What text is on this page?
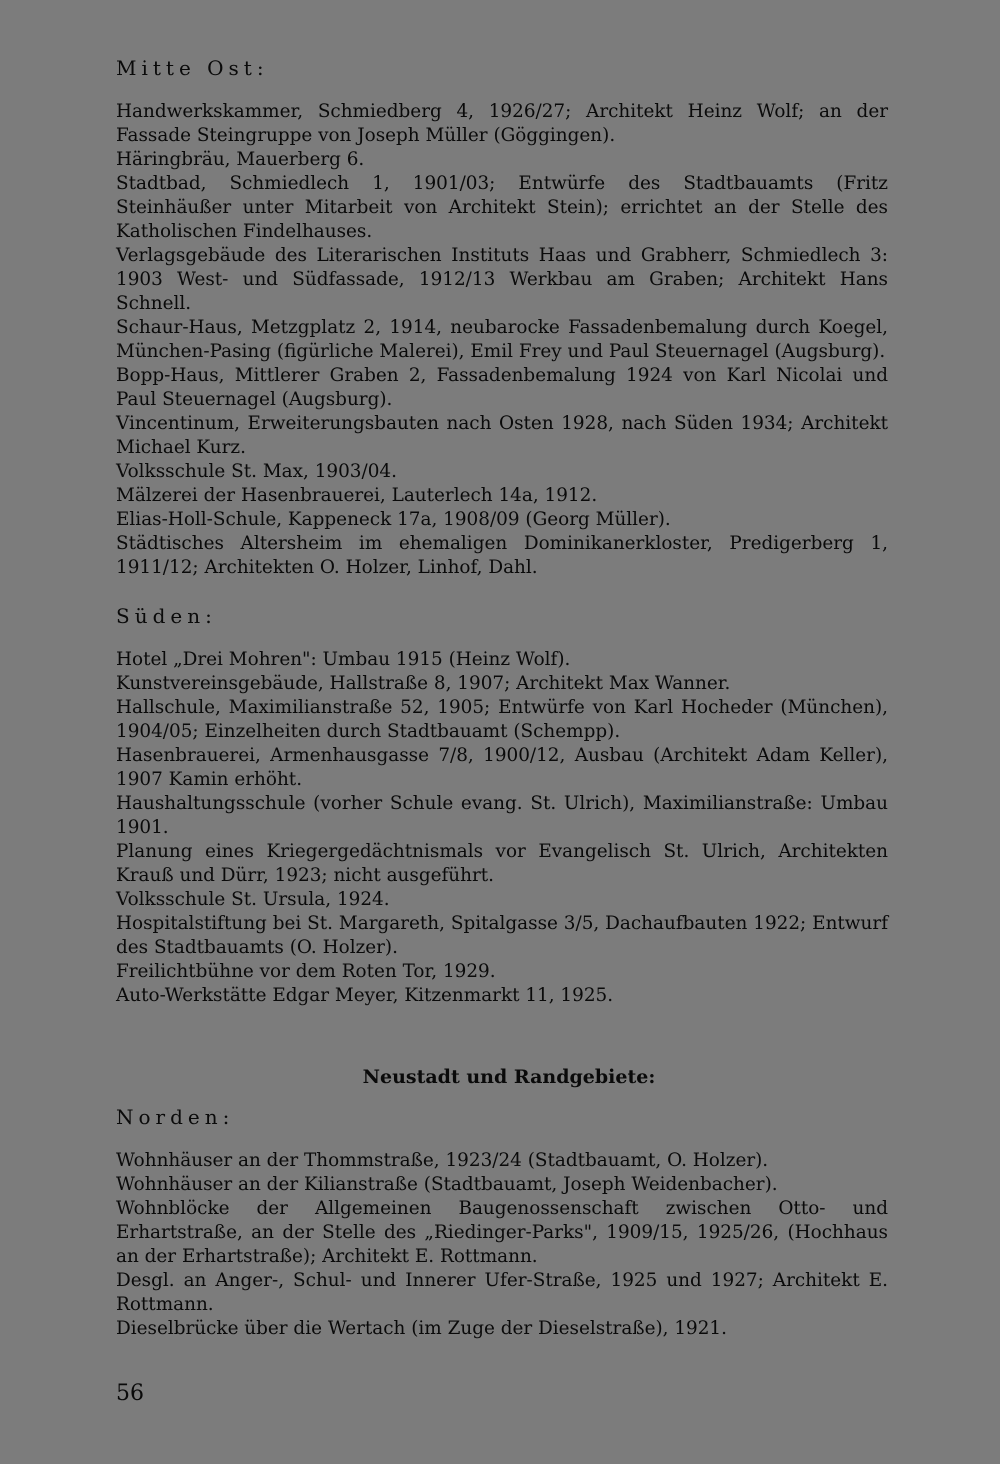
Mitte Ost:

Handwerkskammer, Schmiedberg 4, 1926/27; Architekt Heinz Wolf; an der Fassade Steingruppe von Joseph Müller (Göggingen).

Häringbräu, Mauerberg 6.

Stadtbad, Schmiedlech 1, 1901/03; Entwürfe des Stadtbauamts (Fritz Steinhäußer unter Mitarbeit von Architekt Stein); errichtet an der Stelle des Katholischen Findelhauses.

Verlagsgebäude des Literarischen Instituts Haas und Grabherr, Schmiedlech 3: 1903 West- und Südfassade, 1912/13 Werkbau am Graben; Architekt Hans Schnell.

Schaur-Haus, Metzgplatz 2, 1914, neubarocke Fassadenbemalung durch Koegel, München-Pasing (figürliche Malerei), Emil Frey und Paul Steuernagel (Augsburg).

Bopp-Haus, Mittlerer Graben 2, Fassadenbemalung 1924 von Karl Nicolai und Paul Steuernagel (Augsburg).

Vincentinum, Erweiterungsbauten nach Osten 1928, nach Süden 1934; Architekt Michael Kurz.

Volksschule St. Max, 1903/04.

Mälzerei der Hasenbrauerei, Lauterlech 14a, 1912.

Elias-Holl-Schule, Kappeneck 17a, 1908/09 (Georg Müller).

Städtisches Altersheim im ehemaligen Dominikanerkloster, Predigerberg 1, 1911/12; Architekten O. Holzer, Linhof, Dahl.

Süden:

Hotel „Drei Mohren": Umbau 1915 (Heinz Wolf).

Kunstvereinsgebäude, Hallstraße 8, 1907; Architekt Max Wanner.

Hallschule, Maximilianstraße 52, 1905; Entwürfe von Karl Hocheder (München), 1904/05; Einzelheiten durch Stadtbauamt (Schempp).

Hasenbrauerei, Armenhausgasse 7/8, 1900/12, Ausbau (Architekt Adam Keller), 1907 Kamin erhöht.

Haushaltungsschule (vorher Schule evang. St. Ulrich), Maximilianstraße: Umbau 1901.

Planung eines Kriegergedächtnismals vor Evangelisch St. Ulrich, Architekten Krauß und Dürr, 1923; nicht ausgeführt.

Volksschule St. Ursula, 1924.

Hospitalstiftung bei St. Margareth, Spitalgasse 3/5, Dachaufbauten 1922; Entwurf des Stadtbauamts (O. Holzer).

Freilichtbühne vor dem Roten Tor, 1929.

Auto-Werkstätte Edgar Meyer, Kitzenmarkt 11, 1925.

Neustadt und Randgebiete:

Norden:

Wohnhäuser an der Thommstraße, 1923/24 (Stadtbauamt, O. Holzer).

Wohnhäuser an der Kilianstraße (Stadtbauamt, Joseph Weidenbacher).

Wohnblöcke der Allgemeinen Baugenossenschaft zwischen Otto- und Erhartstraße, an der Stelle des „Riedinger-Parks", 1909/15, 1925/26, (Hochhaus an der Erhartstraße); Architekt E. Rottmann.

Desgl. an Anger-, Schul- und Innerer Ufer-Straße, 1925 und 1927; Architekt E. Rottmann.

Dieselbrücke über die Wertach (im Zuge der Dieselstraße), 1921.

56
